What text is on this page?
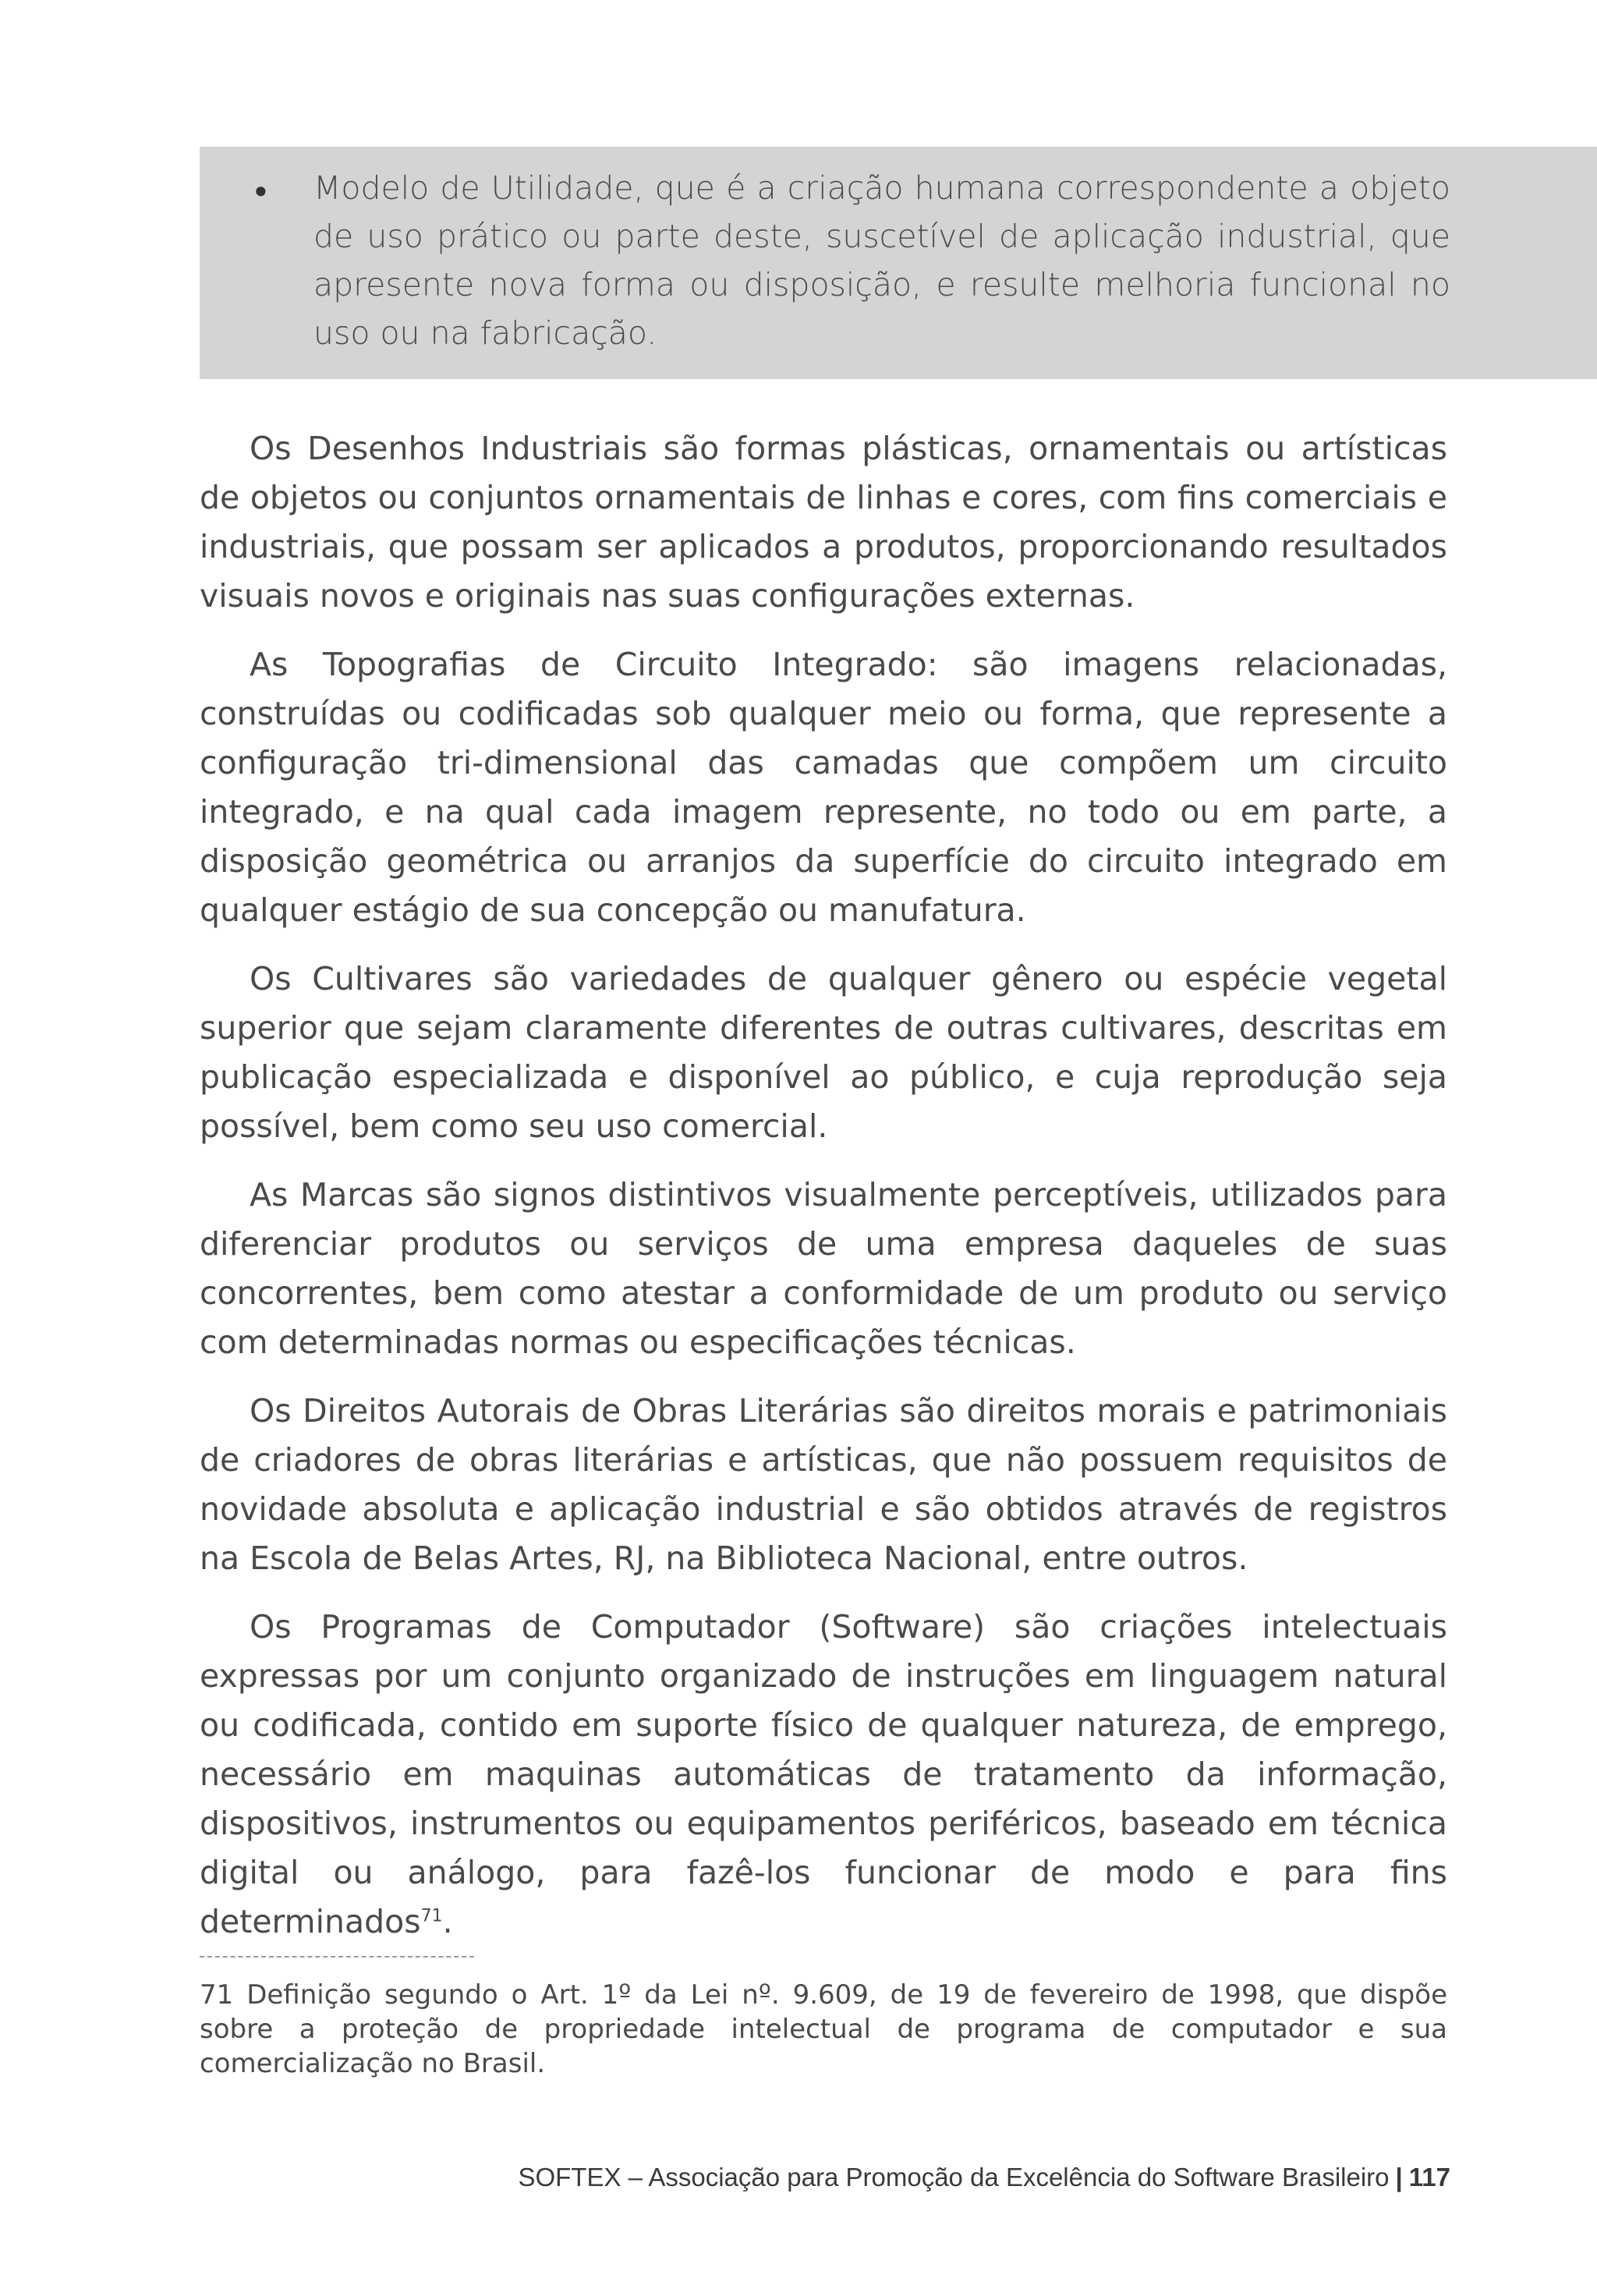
• Modelo de Utilidade, que é a criação humana correspondente a objeto de uso prático ou parte deste, suscetível de aplicação industrial, que apresente nova forma ou disposição, e resulte melhoria funcional no uso ou na fabricação.

Os Desenhos Industriais são formas plásticas, ornamentais ou artísticas de objetos ou conjuntos ornamentais de linhas e cores, com fins comerciais e industriais, que possam ser aplicados a produtos, proporcionando resultados visuais novos e originais nas suas configurações externas.

As Topografias de Circuito Integrado: são imagens relacionadas, construídas ou codificadas sob qualquer meio ou forma, que represente a configuração tri-dimensional das camadas que compõem um circuito integrado, e na qual cada imagem represente, no todo ou em parte, a disposição geométrica ou arranjos da superfície do circuito integrado em qualquer estágio de sua concepção ou manufatura.

Os Cultivares são variedades de qualquer gênero ou espécie vegetal superior que sejam claramente diferentes de outras cultivares, descritas em publicação especializada e disponível ao público, e cuja reprodução seja possível, bem como seu uso comercial.

As Marcas são signos distintivos visualmente perceptíveis, utilizados para diferenciar produtos ou serviços de uma empresa daqueles de suas concorrentes, bem como atestar a conformidade de um produto ou serviço com determinadas normas ou especificações técnicas.

Os Direitos Autorais de Obras Literárias são direitos morais e patrimoniais de criadores de obras literárias e artísticas, que não possuem requisitos de novidade absoluta e aplicação industrial e são obtidos através de registros na Escola de Belas Artes, RJ, na Biblioteca Nacional, entre outros.

Os Programas de Computador (Software) são criações intelectuais expressas por um conjunto organizado de instruções em linguagem natural ou codificada, contido em suporte físico de qualquer natureza, de emprego, necessário em maquinas automáticas de tratamento da informação, dispositivos, instrumentos ou equipamentos periféricos, baseado em técnica digital ou análogo, para fazê-los funcionar de modo e para fins determinados$^{71}$.

71 Definição segundo o Art. 1º da Lei nº. 9.609, de 19 de fevereiro de 1998, que dispõe sobre a proteção de propriedade intelectual de programa de computador e sua comercialização no Brasil.

SOFTEX – Associação para Promoção da Excelência do Software Brasileiro | 117
